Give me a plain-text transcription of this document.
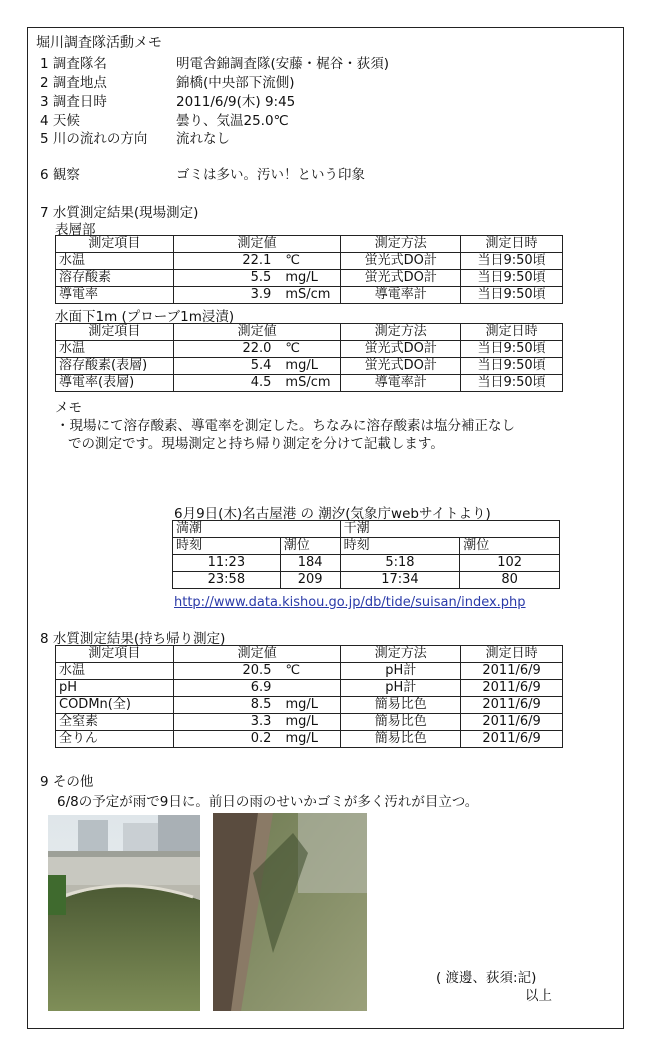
堀川調査隊活動メモ
1 調査隊名	明電舎錦調査隊(安藤・梶谷・荻須)
2 調査地点	錦橋(中央部下流側)
3 調査日時	2011/6/9(木) 9:45
4 天候	曇り、気温25.0℃
5 川の流れの方向 流れなし
6 観察	ゴミは多い。汚い！という印象
7 水質測定結果(現場測定)
表層部
測定項目	測定値	測定方法	測定日時
水温	22.1 ℃	蛍光式DO計	当日9:50頃
溶存酸素	5.5 mg/L	蛍光式DO計	当日9:50頃
導電率	3.9 mS/cm	導電率計	当日9:50頃
水面下1m (プローブ1m浸漬)
測定項目	測定値	測定方法	測定日時
水温	22.0 ℃	蛍光式DO計	当日9:50頃
溶存酸素(表層)	5.4 mg/L	蛍光式DO計	当日9:50頃
導電率(表層)	4.5 mS/cm	導電率計	当日9:50頃
メモ
・現場にて溶存酸素、導電率を測定した。ちなみに溶存酸素は塩分補正なし
での測定です。現場測定と持ち帰り測定を分けて記載します。
6月9日(木)名古屋港 の 潮汐(気象庁webサイトより)
満潮		干潮	
時刻	潮位	時刻	潮位
11:23	184	5:18	102
23:58	209	17:34	80
http://www.data.kishou.go.jp/db/tide/suisan/index.php
8 水質測定結果(持ち帰り測定)
測定項目	測定値	測定方法	測定日時
水温	20.5 ℃	pH計	2011/6/9
pH	6.9	pH計	2011/6/9
CODMn(全)	8.5 mg/L	簡易比色	2011/6/9
全窒素	3.3 mg/L	簡易比色	2011/6/9
全りん	0.2 mg/L	簡易比色	2011/6/9
9 その他
6/8の予定が雨で9日に。前日の雨のせいかゴミが多く汚れが目立つ。
( 渡邊、荻須:記)
以上
